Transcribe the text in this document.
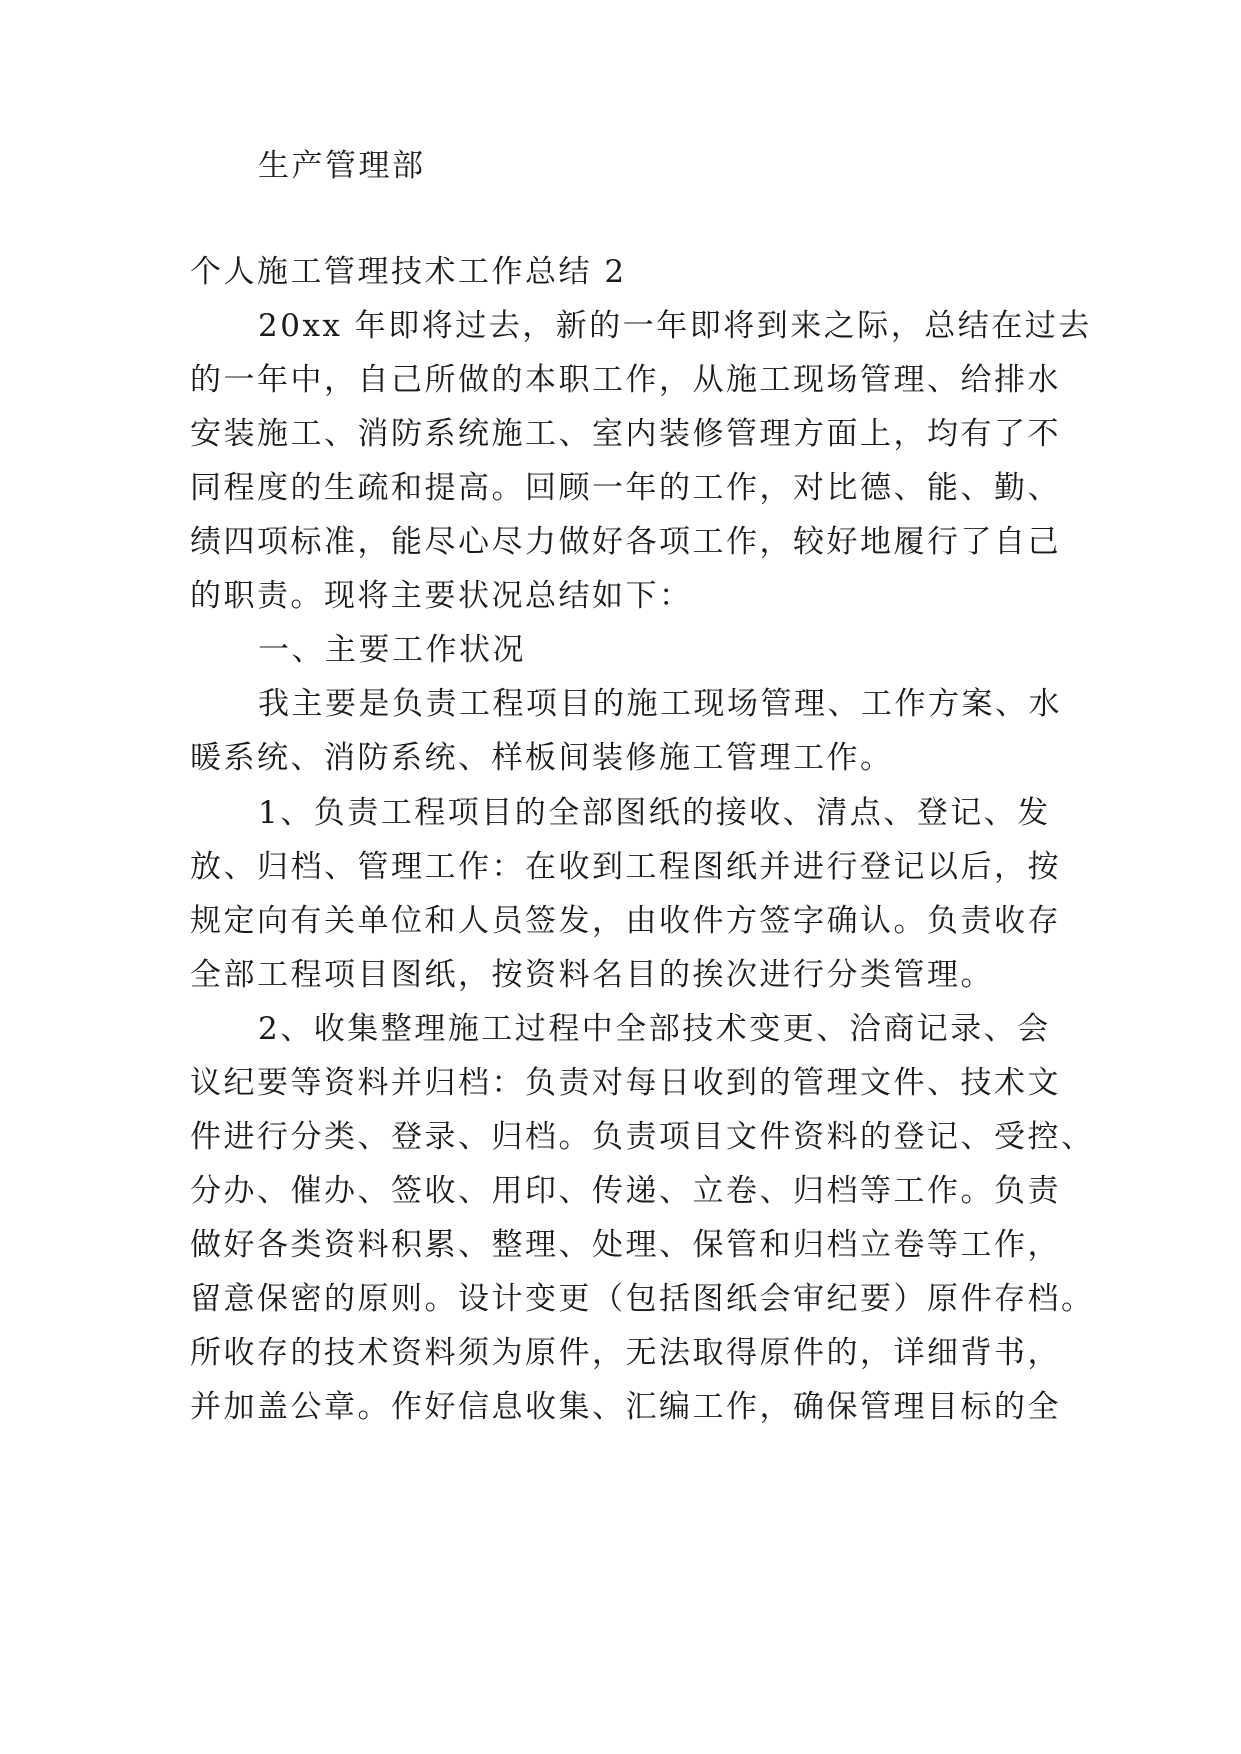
生产管理部
个人施工管理技术工作总结 2
20xx 年即将过去，新的一年即将到来之际，总结在过去
的一年中，自己所做的本职工作，从施工现场管理、给排水
安装施工、消防系统施工、室内装修管理方面上，均有了不
同程度的生疏和提高。回顾一年的工作，对比德、能、勤、
绩四项标准，能尽心尽力做好各项工作，较好地履行了自己
的职责。现将主要状况总结如下：
一、主要工作状况
我主要是负责工程项目的施工现场管理、工作方案、水
暖系统、消防系统、样板间装修施工管理工作。
1、负责工程项目的全部图纸的接收、清点、登记、发
放、归档、管理工作：在收到工程图纸并进行登记以后，按
规定向有关单位和人员签发，由收件方签字确认。负责收存
全部工程项目图纸，按资料名目的挨次进行分类管理。
2、收集整理施工过程中全部技术变更、洽商记录、会
议纪要等资料并归档：负责对每日收到的管理文件、技术文
件进行分类、登录、归档。负责项目文件资料的登记、受控、
分办、催办、签收、用印、传递、立卷、归档等工作。负责
做好各类资料积累、整理、处理、保管和归档立卷等工作，
留意保密的原则。设计变更（包括图纸会审纪要）原件存档。
所收存的技术资料须为原件，无法取得原件的，详细背书，
并加盖公章。作好信息收集、汇编工作，确保管理目标的全
